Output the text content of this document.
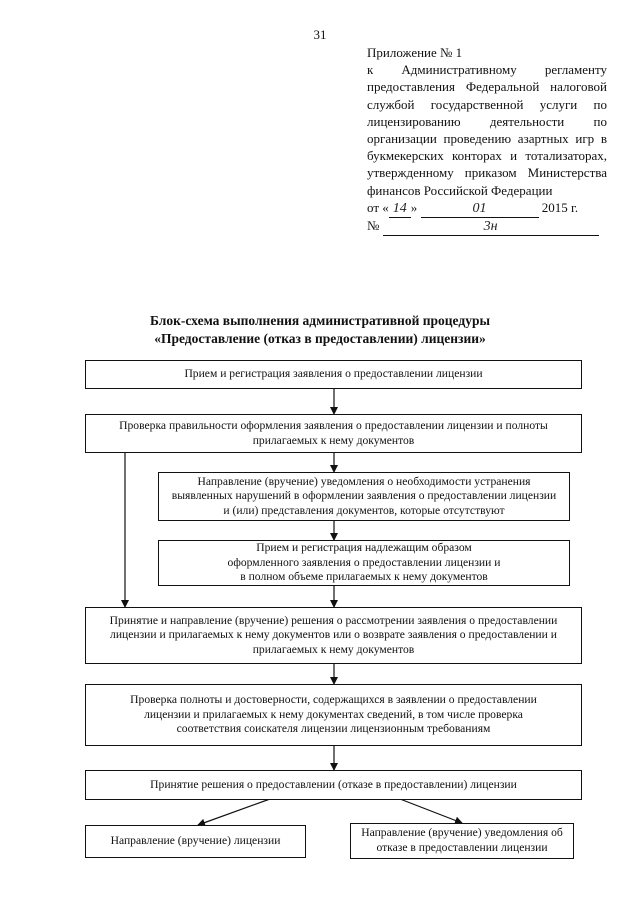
31
Приложение № 1
к Административному регламенту предоставления Федеральной налоговой службой государственной услуги по лицензированию деятельности по организации проведению азартных игр в букмекерских конторах и тотализаторах, утвержденному приказом Министерства финансов Российской Федерации
от « 14 »	01	2015 г.
№	3н
Блок-схема выполнения административной процедуры
«Предоставление (отказ в предоставлении) лицензии»
Прием и регистрация заявления о предоставлении лицензии
Проверка правильности оформления заявления о предоставлении лицензии и полноты прилагаемых к нему документов
Направление (вручение) уведомления о необходимости устранения выявленных нарушений в оформлении заявления о предоставлении лицензии и (или) представления документов, которые отсутствуют
Прием и регистрация надлежащим образом оформленного заявления о предоставлении лицензии и в полном объеме прилагаемых к нему документов
Принятие и направление (вручение) решения о рассмотрении заявления о предоставлении лицензии и прилагаемых к нему документов или о возврате заявления о предоставлении и прилагаемых к нему документов
Проверка полноты и достоверности, содержащихся в заявлении о предоставлении лицензии и прилагаемых к нему документах сведений, в том числе проверка соответствия соискателя лицензии лицензионным требованиям
Принятие решения о предоставлении (отказе в предоставлении) лицензии
Направление (вручение) лицензии
Направление (вручение) уведомления об отказе в предоставлении лицензии
